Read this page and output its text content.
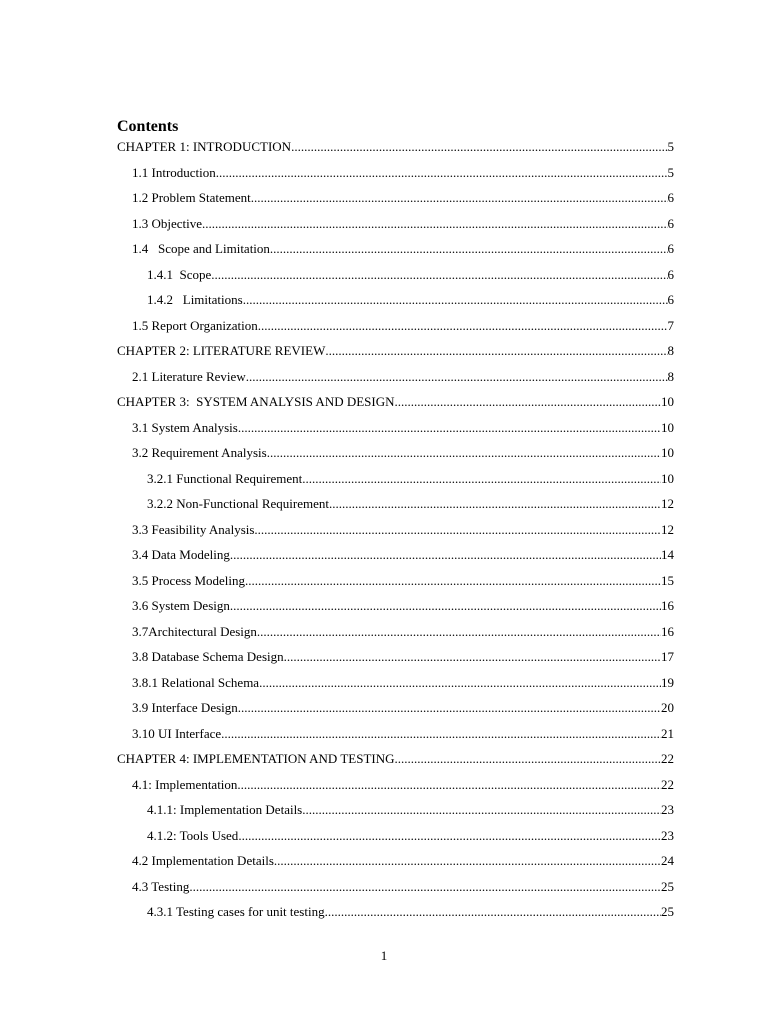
Contents
CHAPTER 1: INTRODUCTION .....	5
1.1 Introduction .....	5
1.2 Problem Statement .....	6
1.3 Objective .....	6
1.4   Scope and Limitation .....	6
1.4.1  Scope .....	6
1.4.2   Limitations .....	6
1.5 Report Organization .....	7
CHAPTER 2: LITERATURE REVIEW .....	8
2.1 Literature Review .....	8
CHAPTER 3:  SYSTEM ANALYSIS AND DESIGN .....	10
3.1 System Analysis .....	10
3.2 Requirement Analysis .....	10
3.2.1 Functional Requirement .....	10
3.2.2 Non-Functional Requirement .....	12
3.3 Feasibility Analysis .....	12
3.4 Data Modeling .....	14
3.5 Process Modeling .....	15
3.6 System Design .....	16
3.7Architectural Design .....	16
3.8 Database Schema Design .....	17
3.8.1 Relational Schema .....	19
3.9 Interface Design .....	20
3.10 UI Interface .....	21
CHAPTER 4: IMPLEMENTATION AND TESTING .....	22
4.1: Implementation .....	22
4.1.1: Implementation Details .....	23
4.1.2: Tools Used .....	23
4.2 Implementation Details .....	24
4.3 Testing .....	25
4.3.1 Testing cases for unit testing .....	25
1
